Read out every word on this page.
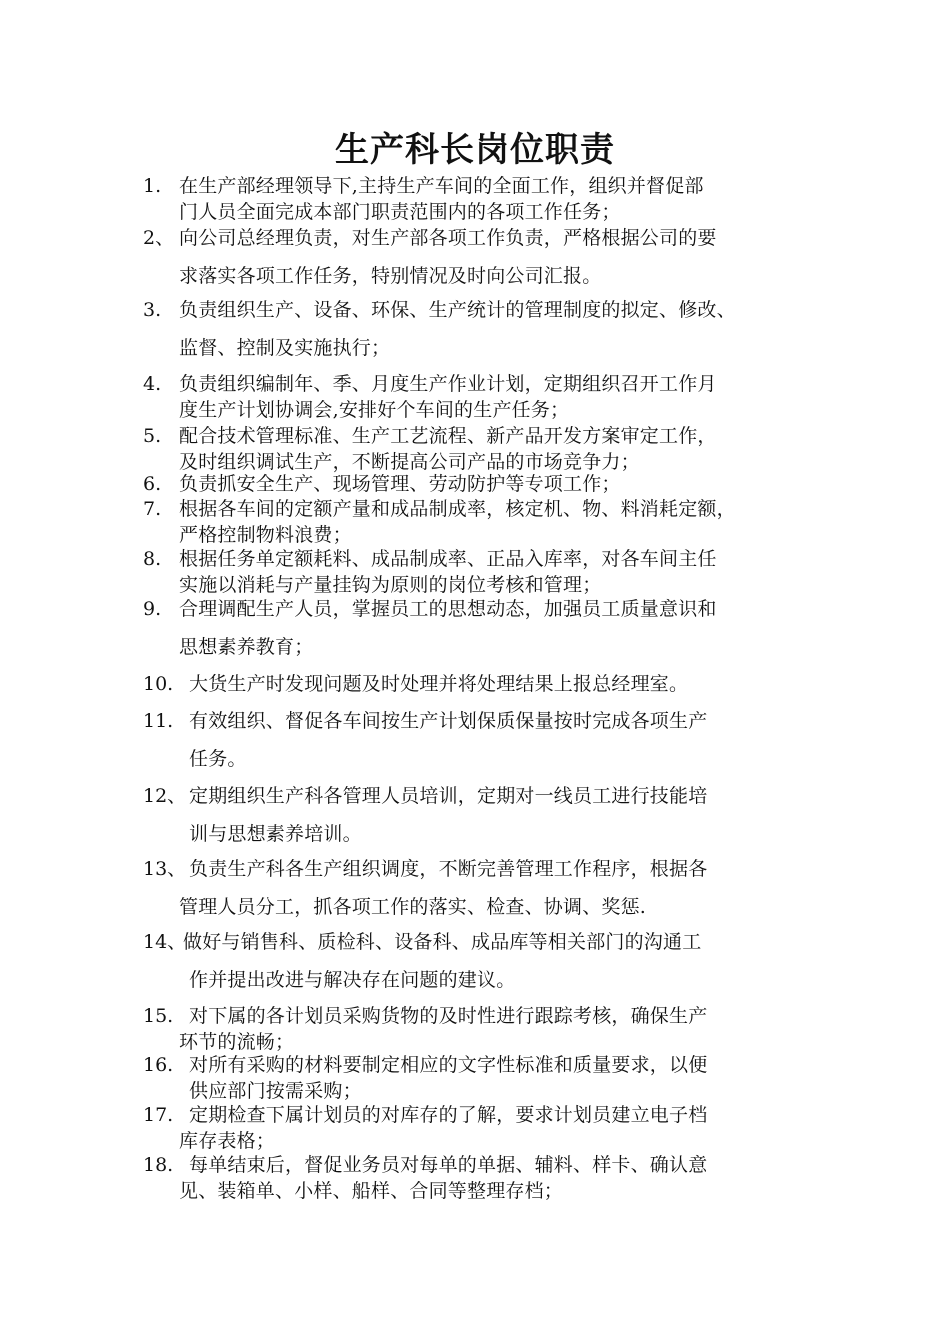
生产科长岗位职责
1. 在生产部经理领导下,主持生产车间的全面工作，组织并督促部
门人员全面完成本部门职责范围内的各项工作任务；
2、 向公司总经理负责，对生产部各项工作负责，严格根据公司的要
求落实各项工作任务，特别情况及时向公司汇报。
3. 负责组织生产、设备、环保、生产统计的管理制度的拟定、修改、
监督、控制及实施执行；
4. 负责组织编制年、季、月度生产作业计划，定期组织召开工作月
度生产计划协调会,安排好个车间的生产任务；
5. 配合技术管理标准、生产工艺流程、新产品开发方案审定工作，
及时组织调试生产，不断提高公司产品的市场竞争力；
6. 负责抓安全生产、现场管理、劳动防护等专项工作；
7. 根据各车间的定额产量和成品制成率，核定机、物、料消耗定额，
严格控制物料浪费；
8. 根据任务单定额耗料、成品制成率、正品入库率，对各车间主任
实施以消耗与产量挂钩为原则的岗位考核和管理；
9. 合理调配生产人员，掌握员工的思想动态，加强员工质量意识和
思想素养教育；
10. 大货生产时发现问题及时处理并将处理结果上报总经理室。
11. 有效组织、督促各车间按生产计划保质保量按时完成各项生产
任务。
12、 定期组织生产科各管理人员培训，定期对一线员工进行技能培
训与思想素养培训。
13、 负责生产科各生产组织调度，不断完善管理工作程序，根据各
管理人员分工，抓各项工作的落实、检查、协调、奖惩.
14、
做好与销售科、质检科、设备科、成品库等相关部门的沟通工
作并提出改进与解决存在问题的建议。
15. 对下属的各计划员采购货物的及时性进行跟踪考核，确保生产
环节的流畅；
16. 对所有采购的材料要制定相应的文字性标准和质量要求，以便
供应部门按需采购；
17. 定期检查下属计划员的对库存的了解，要求计划员建立电子档
库存表格；
18. 每单结束后，督促业务员对每单的单据、辅料、样卡、确认意
见、装箱单、小样、船样、合同等整理存档；
